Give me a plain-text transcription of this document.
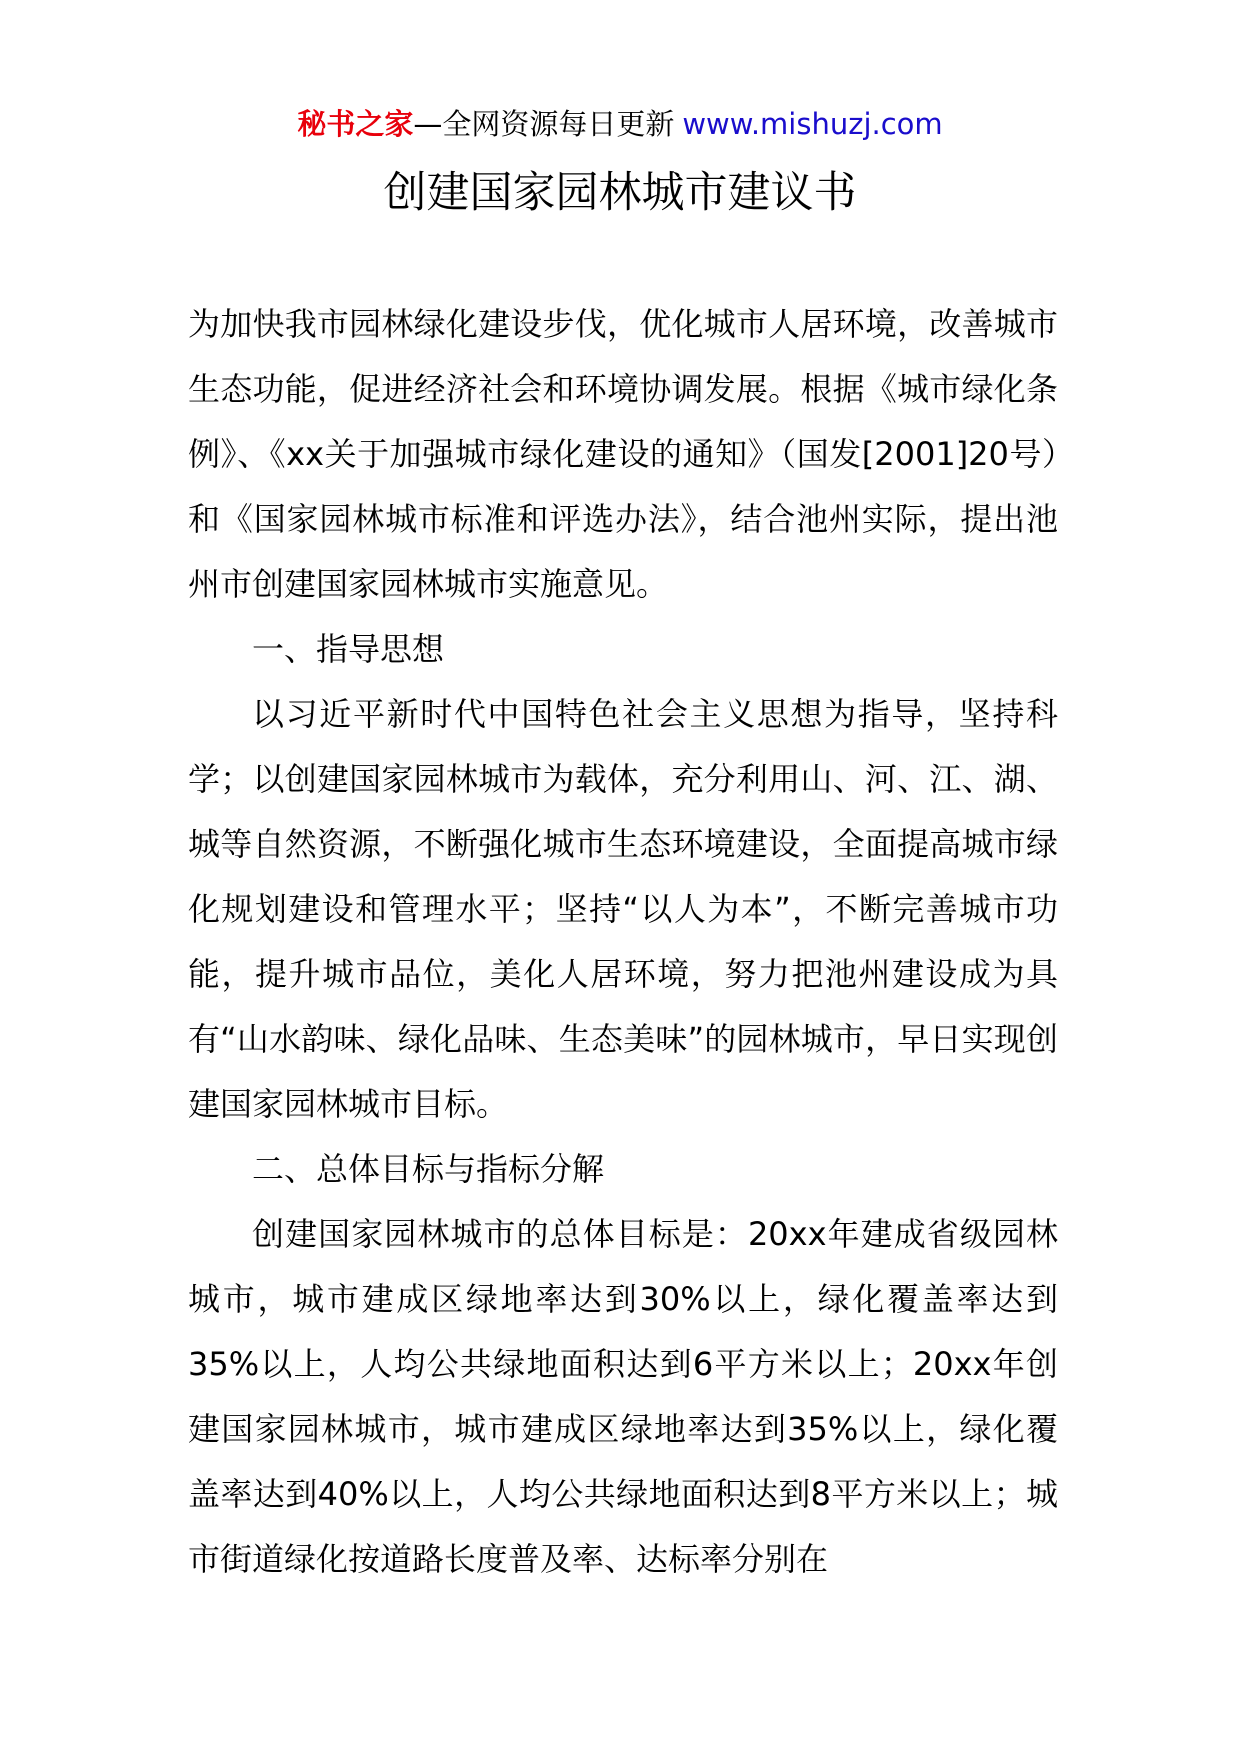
秘书之家—全网资源每日更新 www.mishuzj.com
创建国家园林城市建议书

为加快我市园林绿化建设步伐，优化城市人居环境，改善城市生态功能，促进经济社会和环境协调发展。根据《城市绿化条例》、《xx关于加强城市绿化建设的通知》（国发[2001]20号）和《国家园林城市标准和评选办法》，结合池州实际，提出池州市创建国家园林城市实施意见。

一、指导思想

以习近平新时代中国特色社会主义思想为指导，坚持科学；以创建国家园林城市为载体，充分利用山、河、江、湖、城等自然资源，不断强化城市生态环境建设，全面提高城市绿化规划建设和管理水平；坚持“以人为本”，不断完善城市功能，提升城市品位，美化人居环境，努力把池州建设成为具有“山水韵味、绿化品味、生态美味”的园林城市，早日实现创建国家园林城市目标。

二、总体目标与指标分解

创建国家园林城市的总体目标是：20xx年建成省级园林城市，城市建成区绿地率达到30%以上，绿化覆盖率达到35%以上，人均公共绿地面积达到6平方米以上；20xx年创建国家园林城市，城市建成区绿地率达到35%以上，绿化覆盖率达到40%以上，人均公共绿地面积达到8平方米以上；城市街道绿化按道路长度普及率、达标率分别在
